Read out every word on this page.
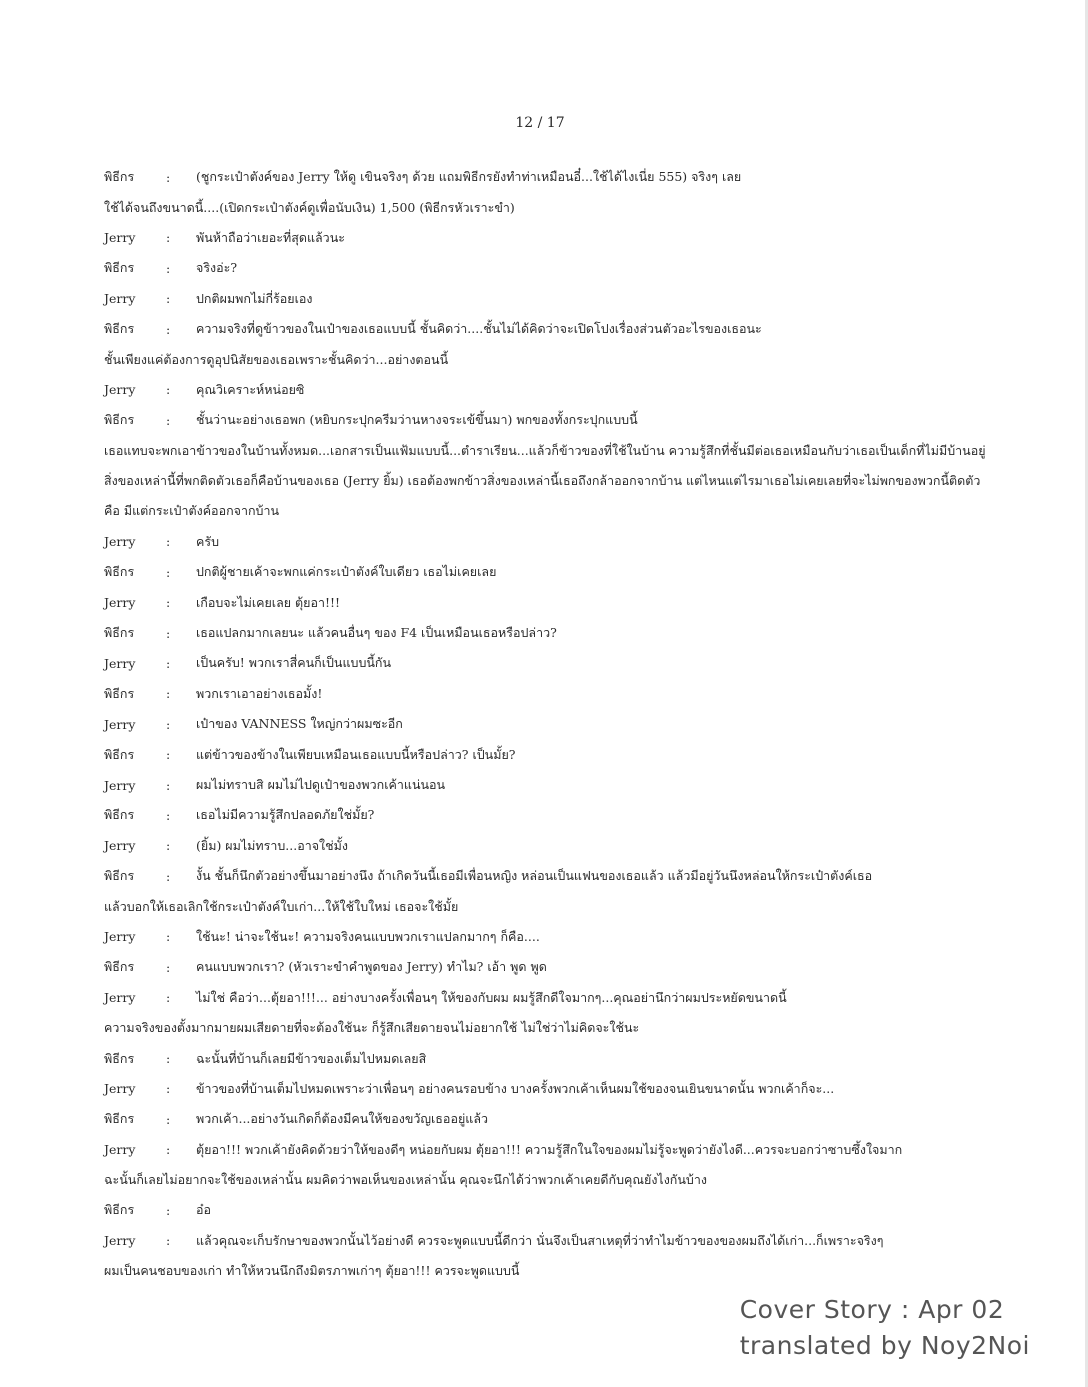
12 / 17
พิธีกร	:	(ชูกระเป๋าตังค์ของ Jerry ให้ดู เขินจริงๆ ด้วย แถมพิธีกรยังทำท่าเหมือนอี๋...ใช้ได้ไงเนี่ย 555) จริงๆ เลย
ใช้ได้จนถึงขนาดนี้....(เปิดกระเป๋าตังค์ดูเพื่อนับเงิน) 1,500 (พิธีกรหัวเราะขำ)
Jerry	:	พันห้าถือว่าเยอะที่สุดแล้วนะ
พิธีกร	:	จริงอ่ะ?
Jerry	:	ปกติผมพกไม่กี่ร้อยเอง
พิธีกร	:	ความจริงที่ดูข้าวของในเป๋าของเธอแบบนี้ ชั้นคิดว่า....ชั้นไม่ได้คิดว่าจะเปิดโปงเรื่องส่วนตัวอะไรของเธอนะ
ชั้นเพียงแค่ต้องการดูอุปนิสัยของเธอเพราะชั้นคิดว่า...อย่างตอนนี้
Jerry	:	คุณวิเคราะห์หน่อยซิ
พิธีกร	:	ชั้นว่านะอย่างเธอพก (หยิบกระปุกครีมว่านหางจระเข้ขึ้นมา) พกของทั้งกระปุกแบบนี้
เธอแทบจะพกเอาข้าวของในบ้านทั้งหมด...เอกสารเป็นแฟ้มแบบนี้...ตำราเรียน...แล้วก็ข้าวของที่ใช้ในบ้าน ความรู้สึกที่ชั้นมีต่อเธอเหมือนกับว่าเธอเป็นเด็กที่ไม่มีบ้านอยู่
สิ่งของเหล่านี้ที่พกติดตัวเธอก็คือบ้านของเธอ (Jerry ยิ้ม) เธอต้องพกข้าวสิ่งของเหล่านี้เธอถึงกล้าออกจากบ้าน แต่ไหนแต่ไรมาเธอไม่เคยเลยที่จะไม่พกของพวกนี้ติดตัว
คือ มีแต่กระเป๋าตังค์ออกจากบ้าน
Jerry	:	ครับ
พิธีกร	:	ปกติผู้ชายเค้าจะพกแค่กระเป๋าตังค์ใบเดียว เธอไม่เคยเลย
Jerry	:	เกือบจะไม่เคยเลย ตุ้ยอา!!!
พิธีกร	:	เธอแปลกมากเลยนะ แล้วคนอื่นๆ ของ F4 เป็นเหมือนเธอหรือปล่าว?
Jerry	:	เป็นครับ! พวกเราสี่คนก็เป็นแบบนี้กัน
พิธีกร	:	พวกเราเอาอย่างเธอมั้ง!
Jerry	:	เป๋าของ VANNESS ใหญ่กว่าผมซะอีก
พิธีกร	:	แต่ข้าวของข้างในเพียบเหมือนเธอแบบนี้หรือปล่าว? เป็นมั้ย?
Jerry	:	ผมไม่ทราบสิ ผมไม่ไปดูเป๋าของพวกเค้าแน่นอน
พิธีกร	:	เธอไม่มีความรู้สึกปลอดภัยใช่มั้ย?
Jerry	:	(ยิ้ม) ผมไม่ทราบ...อาจใช่มั้ง
พิธีกร	:	งั้น ชั้นก็นึกตัวอย่างขึ้นมาอย่างนึง ถ้าเกิดวันนี้เธอมีเพื่อนหญิง หล่อนเป็นแฟนของเธอแล้ว แล้วมีอยู่วันนึงหล่อนให้กระเป๋าตังค์เธอ
แล้วบอกให้เธอเลิกใช้กระเป๋าตังค์ใบเก่า...ให้ใช้ใบใหม่ เธอจะใช้มั้ย
Jerry	:	ใช้นะ! น่าจะใช้นะ! ความจริงคนแบบพวกเราแปลกมากๆ ก็คือ....
พิธีกร	:	คนแบบพวกเรา? (หัวเราะขำคำพูดของ Jerry) ทำไม? เอ้า พูด พูด
Jerry	:	ไม่ใช่ คือว่า...ตุ้ยอา!!!... อย่างบางครั้งเพื่อนๆ ให้ของกับผม ผมรู้สึกดีใจมากๆ...คุณอย่านึกว่าผมประหยัดขนาดนี้
ความจริงของตั้งมากมายผมเสียดายที่จะต้องใช้นะ ก็รู้สึกเสียดายจนไม่อยากใช้ ไม่ใช่ว่าไม่คิดจะใช้นะ
พิธีกร	:	ฉะนั้นที่บ้านก็เลยมีข้าวของเต็มไปหมดเลยสิ
Jerry	:	ข้าวของที่บ้านเต็มไปหมดเพราะว่าเพื่อนๆ อย่างคนรอบข้าง บางครั้งพวกเค้าเห็นผมใช้ของจนเยินขนาดนั้น พวกเค้าก็จะ...
พิธีกร	:	พวกเค้า...อย่างวันเกิดก็ต้องมีคนให้ของขวัญเธออยู่แล้ว
Jerry	:	ตุ้ยอา!!! พวกเค้ายังคิดด้วยว่าให้ของดีๆ หน่อยกับผม ตุ้ยอา!!! ความรู้สึกในใจของผมไม่รู้จะพูดว่ายังไงดี...ควรจะบอกว่าซาบซึ้งใจมาก
ฉะนั้นก็เลยไม่อยากจะใช้ของเหล่านั้น ผมคิดว่าพอเห็นของเหล่านั้น คุณจะนึกได้ว่าพวกเค้าเคยดีกับคุณยังไงกันบ้าง
พิธีกร	:	อ๋อ
Jerry	:	แล้วคุณจะเก็บรักษาของพวกนั้นไว้อย่างดี ควรจะพูดแบบนี้ดีกว่า นั่นจึงเป็นสาเหตุที่ว่าทำไมข้าวของของผมถึงได้เก่า...ก็เพราะจริงๆ
ผมเป็นคนชอบของเก่า ทำให้หวนนึกถึงมิตรภาพเก่าๆ ตุ้ยอา!!! ควรจะพูดแบบนี้
Cover Story : Apr 02
translated by Noy2Noi
